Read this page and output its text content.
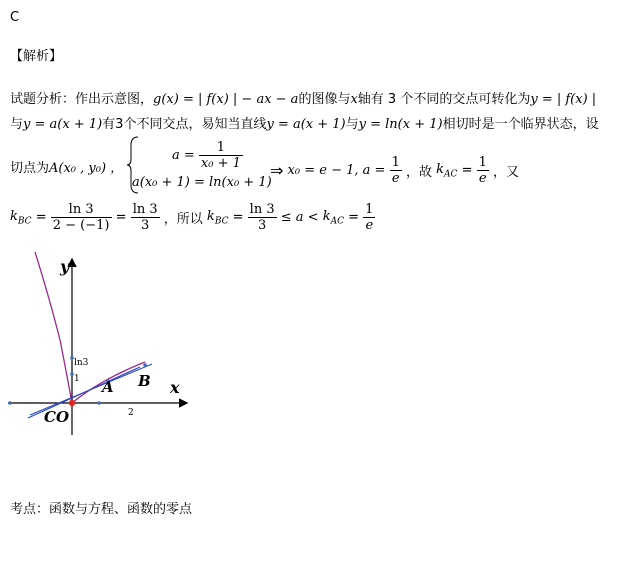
C
【解析】
试题分析：作出示意图，g(x) = | f(x) | − ax − a的图像与x轴有 3 个不同的交点可转化为y = | f(x) |
与y = a(x + 1)有3个不同交点，易知当直线y = a(x + 1)与y = ln(x + 1)相切时是一个临界状态，设
切点为A(x₀ , y₀) ，
$a = \frac{1}{\text{x₀ + 1}}$
a(x₀ + 1) = ln(x₀ + 1)
⇒ x₀ = e − 1, $a = \frac{1}{e}$ ，故 $k_{AC} = \frac{1}{e}$ ，又
$k_{BC} = \frac{\ln 3}{2 - (-1)} = \frac{\ln 3}{3}$ ，所以 $k_{BC} = \frac{\ln 3}{3} \le a < k_{AC} = \frac{1}{e}$
y
x
ln3
1
2
A B
CO
考点：函数与方程、函数的零点
